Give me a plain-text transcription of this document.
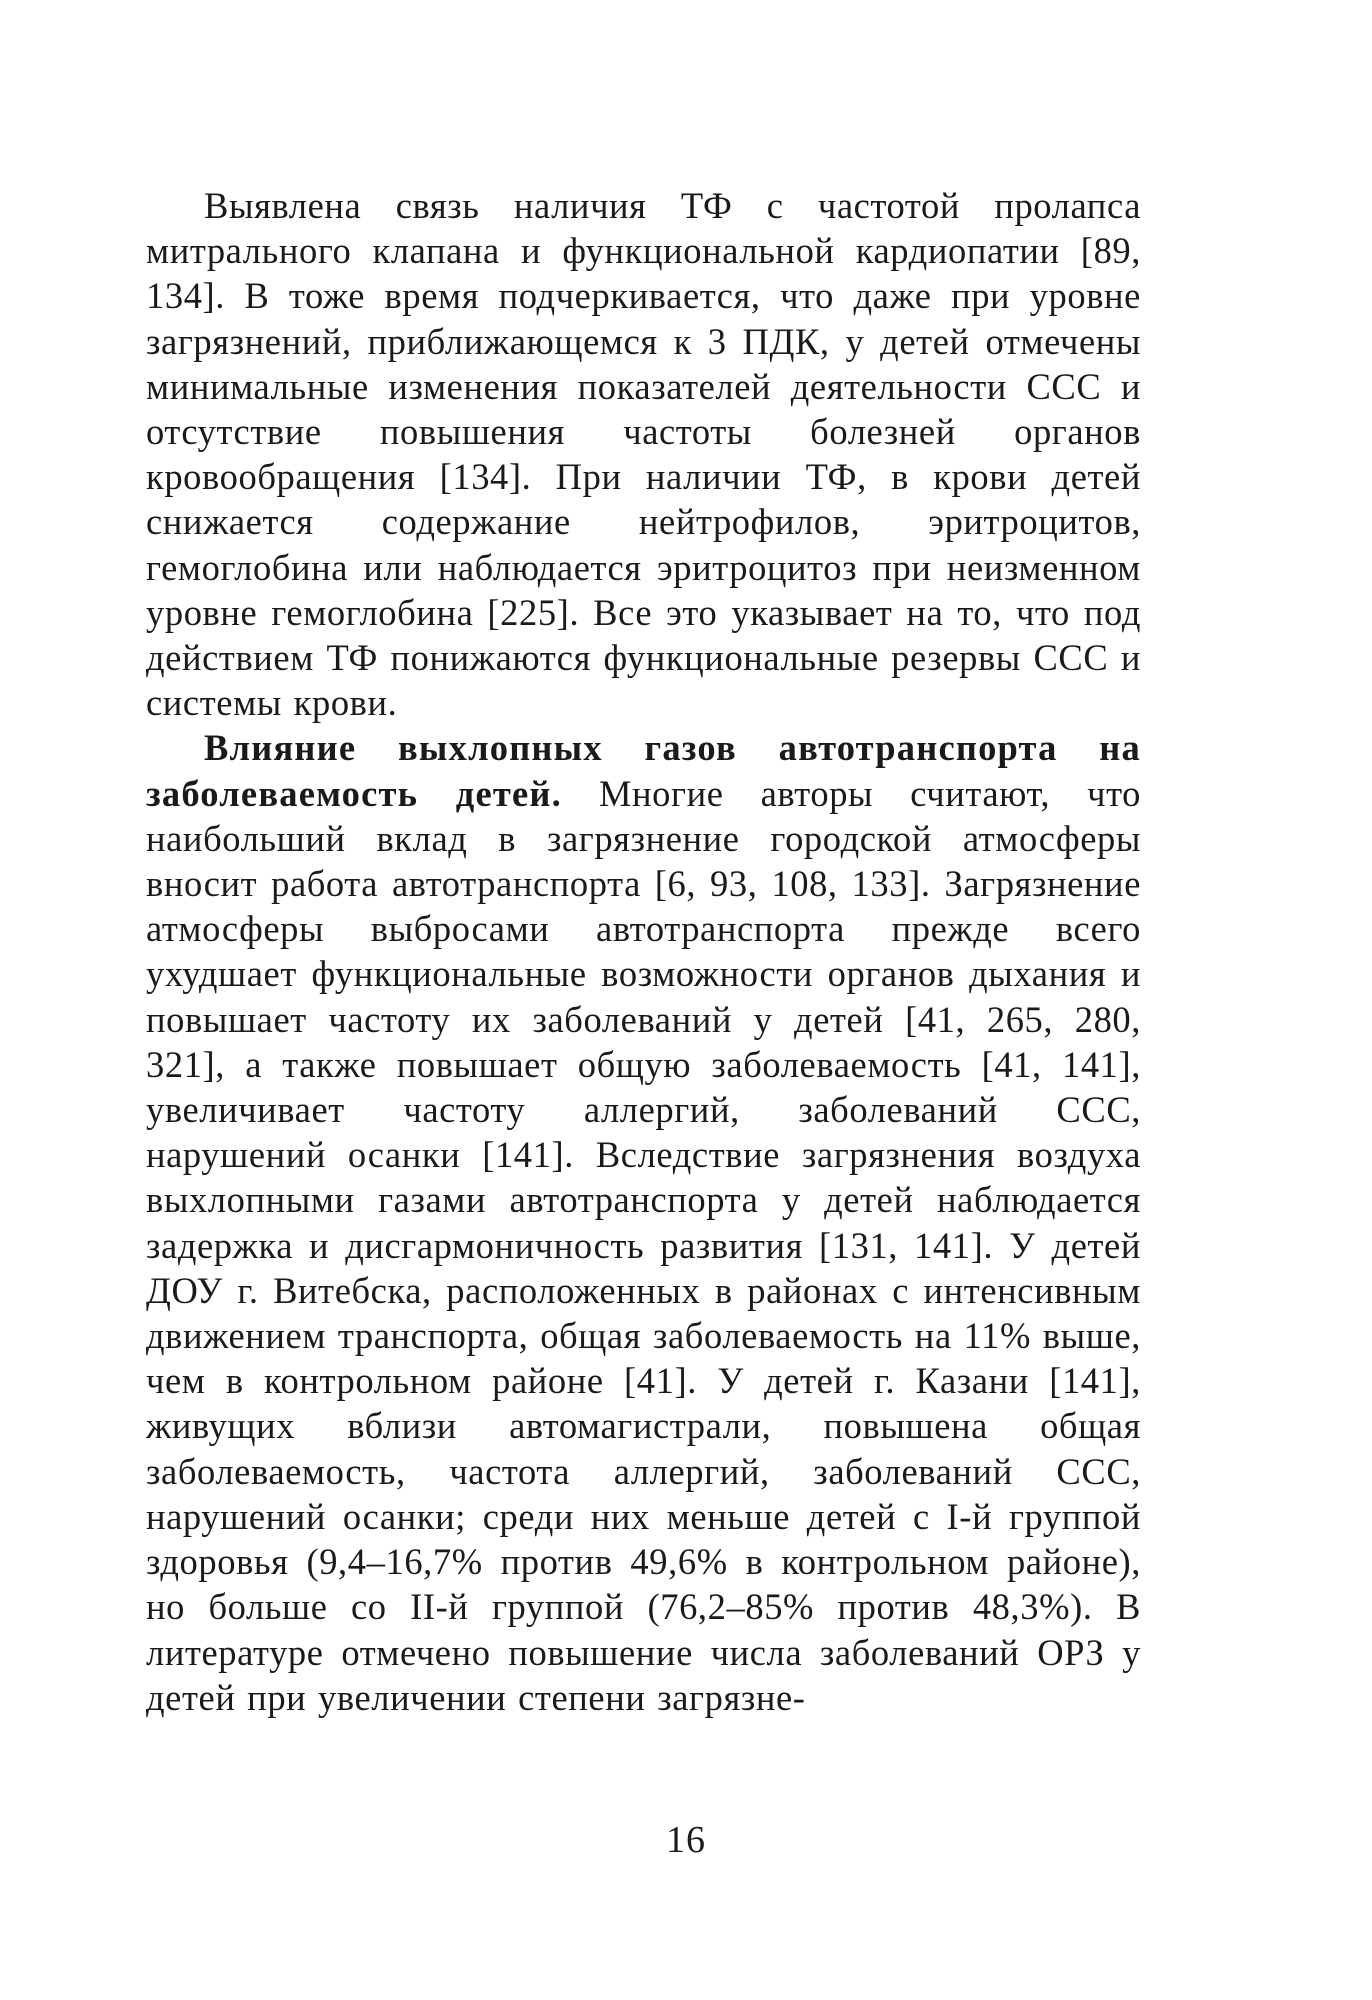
Выявлена связь наличия ТФ с частотой пролапса митрального клапана и функциональной кардиопатии [89, 134]. В тоже время подчеркивается, что даже при уровне загрязнений, приближающемся к 3 ПДК, у детей отмечены минимальные изменения показателей деятельности ССС и отсутствие повышения частоты болезней органов кровообращения [134]. При наличии ТФ, в крови детей снижается содержание нейтрофилов, эритроцитов, гемоглобина или наблюдается эритроцитоз при неизменном уровне гемоглобина [225]. Все это указывает на то, что под действием ТФ понижаются функциональные резервы ССС и системы крови.

Влияние выхлопных газов автотранспорта на заболеваемость детей. Многие авторы считают, что наибольший вклад в загрязнение городской атмосферы вносит работа автотранспорта [6, 93, 108, 133]. Загрязнение атмосферы выбросами автотранспорта прежде всего ухудшает функциональные возможности органов дыхания и повышает частоту их заболеваний у детей [41, 265, 280, 321], а также повышает общую заболеваемость [41, 141], увеличивает частоту аллергий, заболеваний ССС, нарушений осанки [141]. Вследствие загрязнения воздуха выхлопными газами автотранспорта у детей наблюдается задержка и дисгармоничность развития [131, 141]. У детей ДОУ г. Витебска, расположенных в районах с интенсивным движением транспорта, общая заболеваемость на 11% выше, чем в контрольном районе [41]. У детей г. Казани [141], живущих вблизи автомагистрали, повышена общая заболеваемость, частота аллергий, заболеваний ССС, нарушений осанки; среди них меньше детей с I-й группой здоровья (9,4–16,7% против 49,6% в контрольном районе), но больше со II-й группой (76,2–85% против 48,3%). В литературе отмечено повышение числа заболеваний ОРЗ у детей при увеличении степени загрязне-

16
